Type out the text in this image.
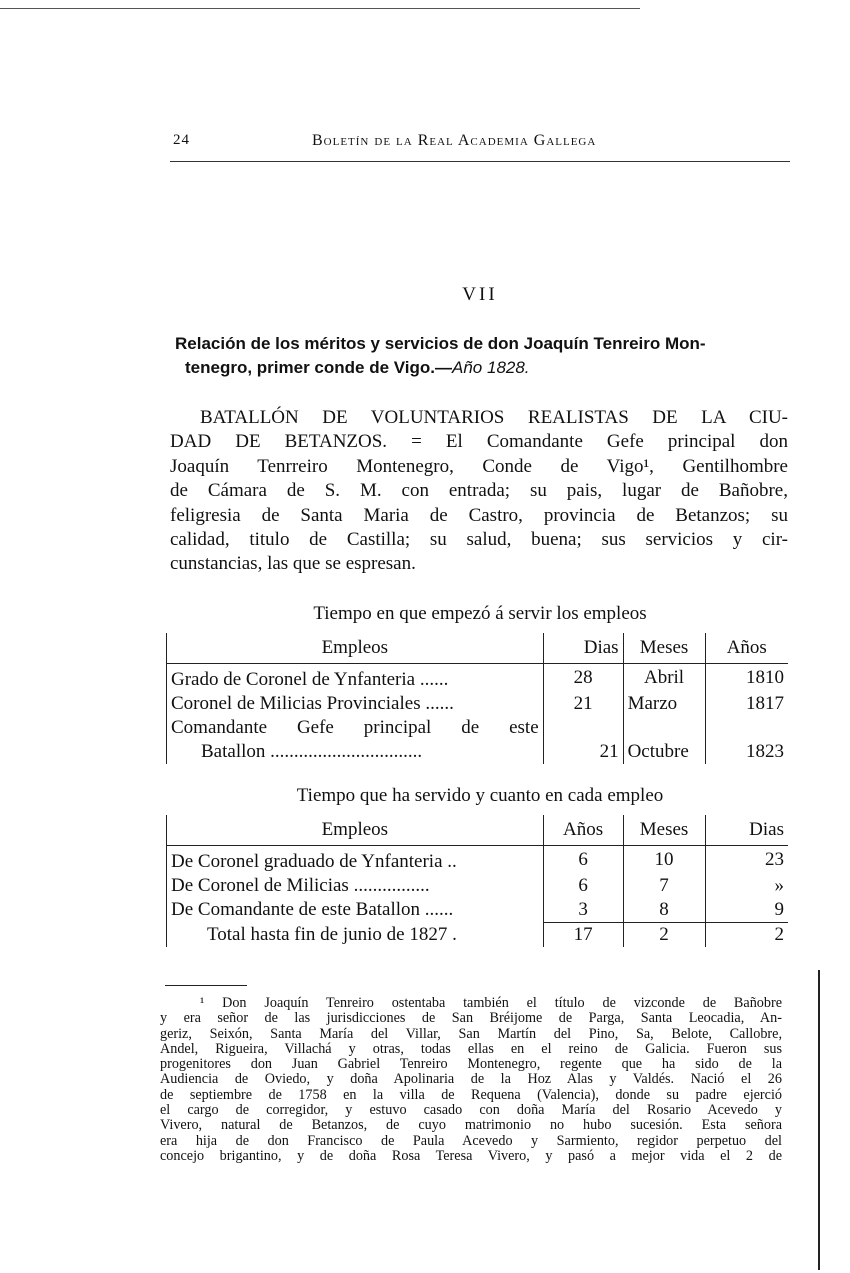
24	Boletín de la Real Academia Gallega
VII
Relación de los méritos y servicios de don Joaquín Tenreiro Mon-
tenegro, primer conde de Vigo.—Año 1828.
BATALLÓN DE VOLUNTARIOS REALISTAS DE LA CIU-
DAD DE BETANZOS. = El Comandante Gefe principal don
Joaquín Tenrreiro Montenegro, Conde de Vigo¹, Gentilhombre
de Cámara de S. M. con entrada; su pais, lugar de Bañobre,
feligresia de Santa Maria de Castro, provincia de Betanzos; su
calidad, titulo de Castilla; su salud, buena; sus servicios y cir-
cunstancias, las que se espresan.
Tiempo en que empezó á servir los empleos
Empleos	Dias	Meses	Años
Grado de Coronel de Ynfanteria ......	28	Abril	1810
Coronel de Milicias Provinciales ......	21	Marzo	1817
Comandante Gefe principal de este			
Batallon ................................	21	Octubre	1823
Tiempo que ha servido y cuanto en cada empleo
Empleos	Años	Meses	Dias
De Coronel graduado de Ynfanteria ..	6	10	23
De Coronel de Milicias ................	6	7	»
De Comandante de este Batallon ......	3	8	9
Total hasta fin de junio de 1827 .	17	2	2
¹ Don Joaquín Tenreiro ostentaba también el título de vizconde de Bañobre
y era señor de las jurisdicciones de San Bréijome de Parga, Santa Leocadia, An-
geriz, Seixón, Santa María del Villar, San Martín del Pino, Sa, Belote, Callobre,
Andel, Rigueira, Villachá y otras, todas ellas en el reino de Galicia. Fueron sus
progenitores don Juan Gabriel Tenreiro Montenegro, regente que ha sido de la
Audiencia de Oviedo, y doña Apolinaria de la Hoz Alas y Valdés. Nació el 26
de septiembre de 1758 en la villa de Requena (Valencia), donde su padre ejerció
el cargo de corregidor, y estuvo casado con doña María del Rosario Acevedo y
Vivero, natural de Betanzos, de cuyo matrimonio no hubo sucesión. Esta señora
era hija de don Francisco de Paula Acevedo y Sarmiento, regidor perpetuo del
concejo brigantino, y de doña Rosa Teresa Vivero, y pasó a mejor vida el 2 de
